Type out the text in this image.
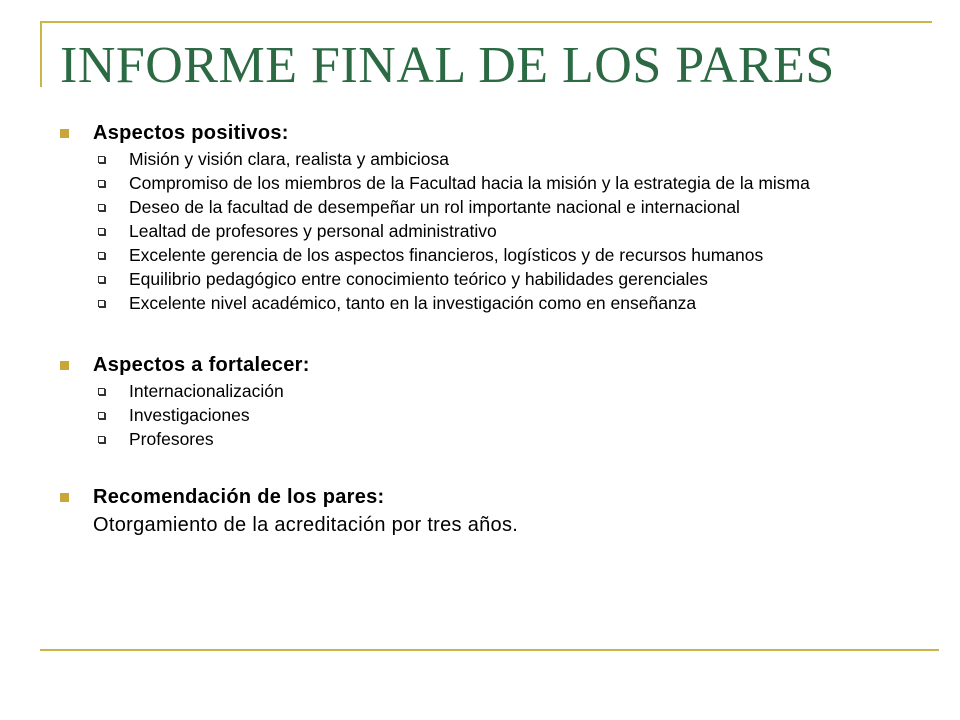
INFORME FINAL DE LOS PARES
Aspectos positivos:
Misión y visión clara, realista y ambiciosa
Compromiso de los miembros de la Facultad hacia la misión y la estrategia de la misma
Deseo de la facultad de desempeñar un rol importante nacional e internacional
Lealtad de profesores y personal administrativo
Excelente gerencia de los aspectos financieros, logísticos y de recursos humanos
Equilibrio pedagógico entre conocimiento teórico y habilidades gerenciales
Excelente nivel académico, tanto en la investigación como en enseñanza
Aspectos a fortalecer:
Internacionalización
Investigaciones
Profesores
Recomendación de los pares:
Otorgamiento de la acreditación por tres años.
